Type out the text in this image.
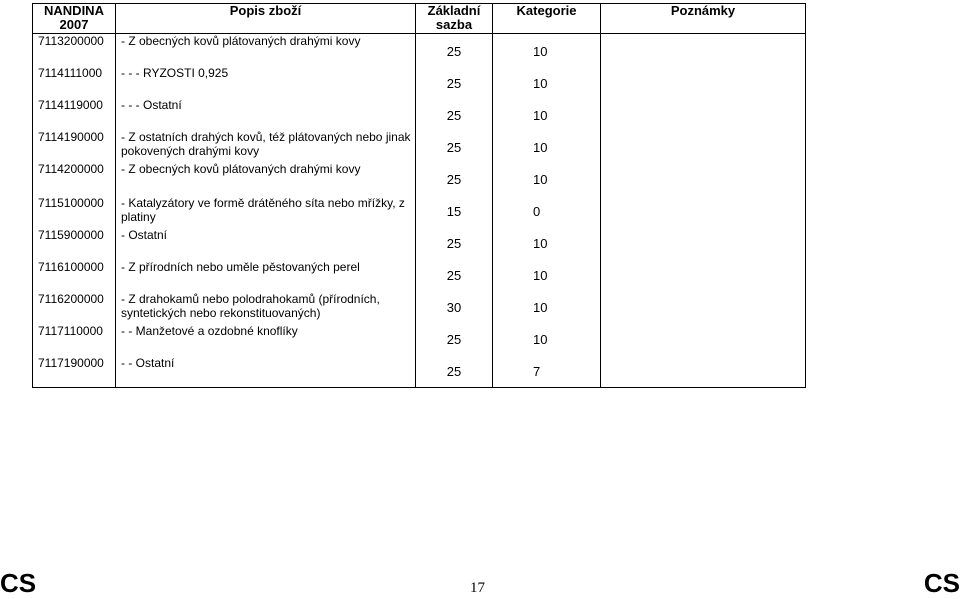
NANDINA 2007	Popis zboží	Základní sazba	Kategorie	Poznámky
7113200000	- Z obecných kovů plátovaných drahými kovy	25	10	
7114111000	- - - RYZOSTI 0,925	25	10	
7114119000	- - - Ostatní	25	10	
7114190000	- Z ostatních drahých kovů, též plátovaných nebo jinak pokovených drahými kovy	25	10	
7114200000	- Z obecných kovů plátovaných drahými kovy	25	10	
7115100000	- Katalyzátory ve formě drátěného síta nebo mřížky, z platiny	15	0	
7115900000	- Ostatní	25	10	
7116100000	- Z přírodních nebo uměle pěstovaných perel	25	10	
7116200000	- Z drahokamů nebo polodrahokamů (přírodních, syntetických nebo rekonstituovaných)	30	10	
7117110000	- - Manžetové a ozdobné knoflíky	25	10	
7117190000	- - Ostatní	25	7	
CS	17	CS
